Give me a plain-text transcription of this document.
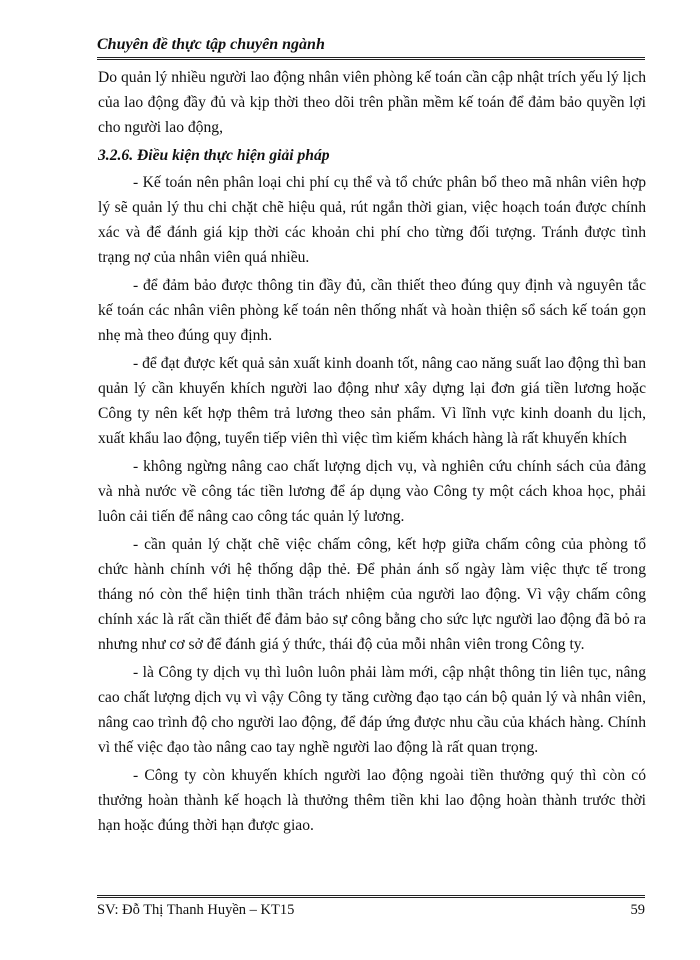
Chuyên đề thực tập chuyên ngành

Do quản lý nhiều người lao động nhân viên phòng kế toán cần cập nhật trích yếu lý lịch của lao động đầy đủ và kịp thời theo dõi trên phần mềm kế toán để đảm bảo quyền lợi cho người lao động,

3.2.6. Điều kiện thực hiện giải pháp

- Kế toán nên phân loại chi phí cụ thể và tổ chức phân bổ theo mã nhân viên hợp lý sẽ quản lý thu chi chặt chẽ hiệu quả, rút ngắn thời gian, việc hoạch toán được chính xác và để đánh giá kịp thời các khoản chi phí cho từng đối tượng. Tránh được tình trạng nợ của nhân viên quá nhiều.

- để đảm bảo được thông tin đầy đủ, cần thiết theo đúng quy định và nguyên tắc kế toán các nhân viên phòng kế toán nên thống nhất và hoàn thiện sổ sách kế toán gọn nhẹ mà theo đúng quy định.

- để đạt được kết quả sản xuất kinh doanh tốt, nâng cao năng suất lao động thì ban quản lý cần khuyến khích người lao động như xây dựng lại đơn giá tiền lương hoặc Công ty nên kết hợp thêm trả lương theo sản phẩm. Vì lĩnh vực kinh doanh du lịch, xuất khẩu lao động, tuyển tiếp viên thì việc tìm kiếm khách hàng là rất khuyến khích

- không ngừng nâng cao chất lượng dịch vụ, và nghiên cứu chính sách của đảng và nhà nước về công tác tiền lương để áp dụng vào Công ty một cách khoa học, phải luôn cải tiến để nâng cao công tác quản lý lương.

- cần quản lý chặt chẽ việc chấm công, kết hợp giữa chấm công của phòng tổ chức hành chính với hệ thống dập thẻ. Để phản ánh số ngày làm việc thực tế trong tháng nó còn thể hiện tinh thần trách nhiệm của người lao động. Vì vậy chấm công chính xác là rất cần thiết để đảm bảo sự công bằng cho sức lực người lao động đã bỏ ra nhưng như cơ sở để đánh giá ý thức, thái độ của mỗi nhân viên trong Công ty.

- là Công ty dịch vụ thì luôn luôn phải làm mới, cập nhật thông tin liên tục, nâng cao chất lượng dịch vụ vì vậy Công ty tăng cường đạo tạo cán bộ quản lý và nhân viên, nâng cao trình độ cho người lao động, để đáp ứng được nhu cầu của khách hàng. Chính vì thế việc đạo tào nâng cao tay nghề người lao động là rất quan trọng.

- Công ty còn khuyến khích người lao động ngoài tiền thưởng quý thì còn có thưởng hoàn thành kế hoạch là thưởng thêm tiền khi lao động hoàn thành trước thời hạn hoặc đúng thời hạn được giao.

SV: Đỗ Thị Thanh Huyền – KT15	59
